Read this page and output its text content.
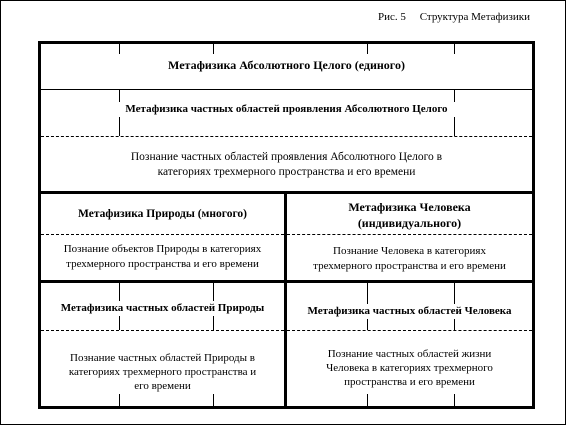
Рис. 5 Структура Метафизики
Метафизика Абсолютного Целого (единого)
Метафизика частных областей проявления Абсолютного Целого
Познание частных областей проявления Абсолютного Целого в
категориях трехмерного пространства и его времени
Метафизика Природы (многого)
Познание объектов Природы в категориях
трехмерного пространства и его времени
Метафизика Человека
(индивидуального)
Познание Человека в категориях
трехмерного пространства и его времени
Метафизика частных областей Природы
Познание частных областей Природы в
категориях трехмерного пространства и
его времени
Метафизика частных областей Человека
Познание частных областей жизни
Человека в категориях трехмерного
пространства и его времени
